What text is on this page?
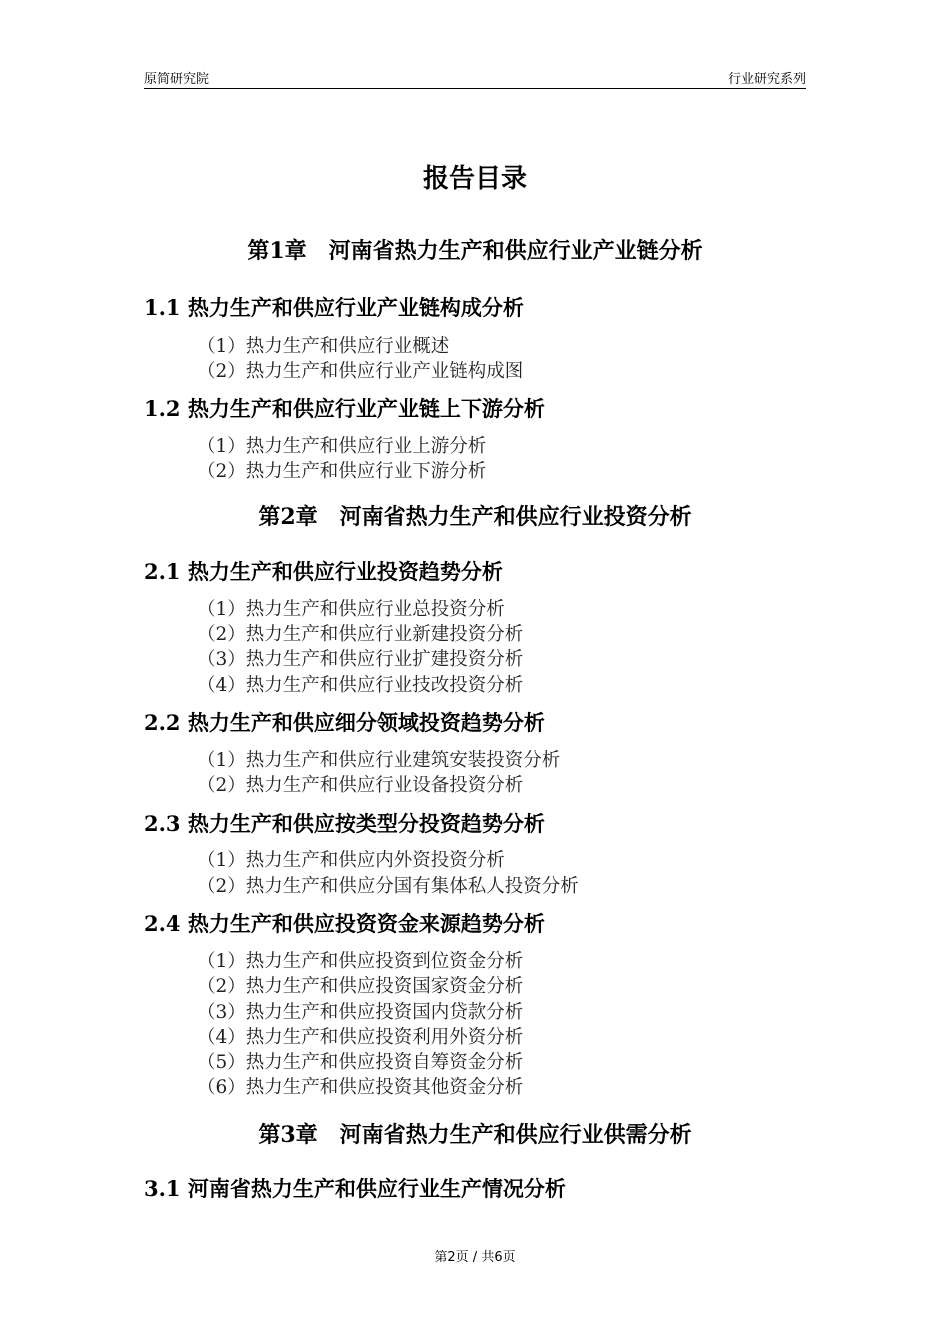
原简研究院	行业研究系列
报告目录
第1章　河南省热力生产和供应行业产业链分析
1.1 热力生产和供应行业产业链构成分析
（1）热力生产和供应行业概述
（2）热力生产和供应行业产业链构成图
1.2 热力生产和供应行业产业链上下游分析
（1）热力生产和供应行业上游分析
（2）热力生产和供应行业下游分析
第2章　河南省热力生产和供应行业投资分析
2.1 热力生产和供应行业投资趋势分析
（1）热力生产和供应行业总投资分析
（2）热力生产和供应行业新建投资分析
（3）热力生产和供应行业扩建投资分析
（4）热力生产和供应行业技改投资分析
2.2 热力生产和供应细分领域投资趋势分析
（1）热力生产和供应行业建筑安装投资分析
（2）热力生产和供应行业设备投资分析
2.3 热力生产和供应按类型分投资趋势分析
（1）热力生产和供应内外资投资分析
（2）热力生产和供应分国有集体私人投资分析
2.4 热力生产和供应投资资金来源趋势分析
（1）热力生产和供应投资到位资金分析
（2）热力生产和供应投资国家资金分析
（3）热力生产和供应投资国内贷款分析
（4）热力生产和供应投资利用外资分析
（5）热力生产和供应投资自筹资金分析
（6）热力生产和供应投资其他资金分析
第3章　河南省热力生产和供应行业供需分析
3.1 河南省热力生产和供应行业生产情况分析
第2页 / 共6页
